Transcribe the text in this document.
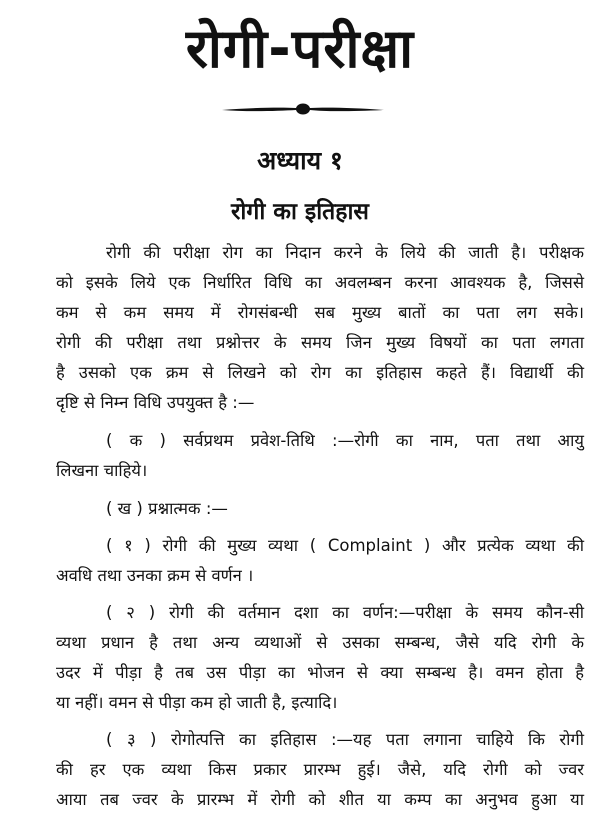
रोगी-परीक्षा
अध्याय १
रोगी का इतिहास
रोगी की परीक्षा रोग का निदान करने के लिये की जाती है। परीक्षक
को इसके लिये एक निर्धारित विधि का अवलम्बन करना आवश्यक है, जिससे
कम से कम समय में रोगसंबन्धी सब मुख्य बातों का पता लग सके।
रोगी की परीक्षा तथा प्रश्नोत्तर के समय जिन मुख्य विषयों का पता लगता
है उसको एक क्रम से लिखने को रोग का इतिहास कहते हैं। विद्यार्थी की
दृष्टि से निम्न विधि उपयुक्त है :—
( क ) सर्वप्रथम प्रवेश-तिथि :—रोगी का नाम, पता तथा आयु
लिखना चाहिये।
( ख ) प्रश्नात्मक :—
( १ ) रोगी की मुख्य व्यथा ( Complaint ) और प्रत्येक व्यथा की
अवधि तथा उनका क्रम से वर्णन ।
( २ ) रोगी की वर्तमान दशा का वर्णन:—परीक्षा के समय कौन-सी
व्यथा प्रधान है तथा अन्य व्यथाओं से उसका सम्बन्ध, जैसे यदि रोगी के
उदर में पीड़ा है तब उस पीड़ा का भोजन से क्या सम्बन्ध है। वमन होता है
या नहीं। वमन से पीड़ा कम हो जाती है, इत्यादि।
( ३ ) रोगोत्पत्ति का इतिहास :—यह पता लगाना चाहिये कि रोगी
की हर एक व्यथा किस प्रकार प्रारम्भ हुई। जैसे, यदि रोगी को ज्वर
आया तब ज्वर के प्रारम्भ में रोगी को शीत या कम्प का अनुभव हुआ या
